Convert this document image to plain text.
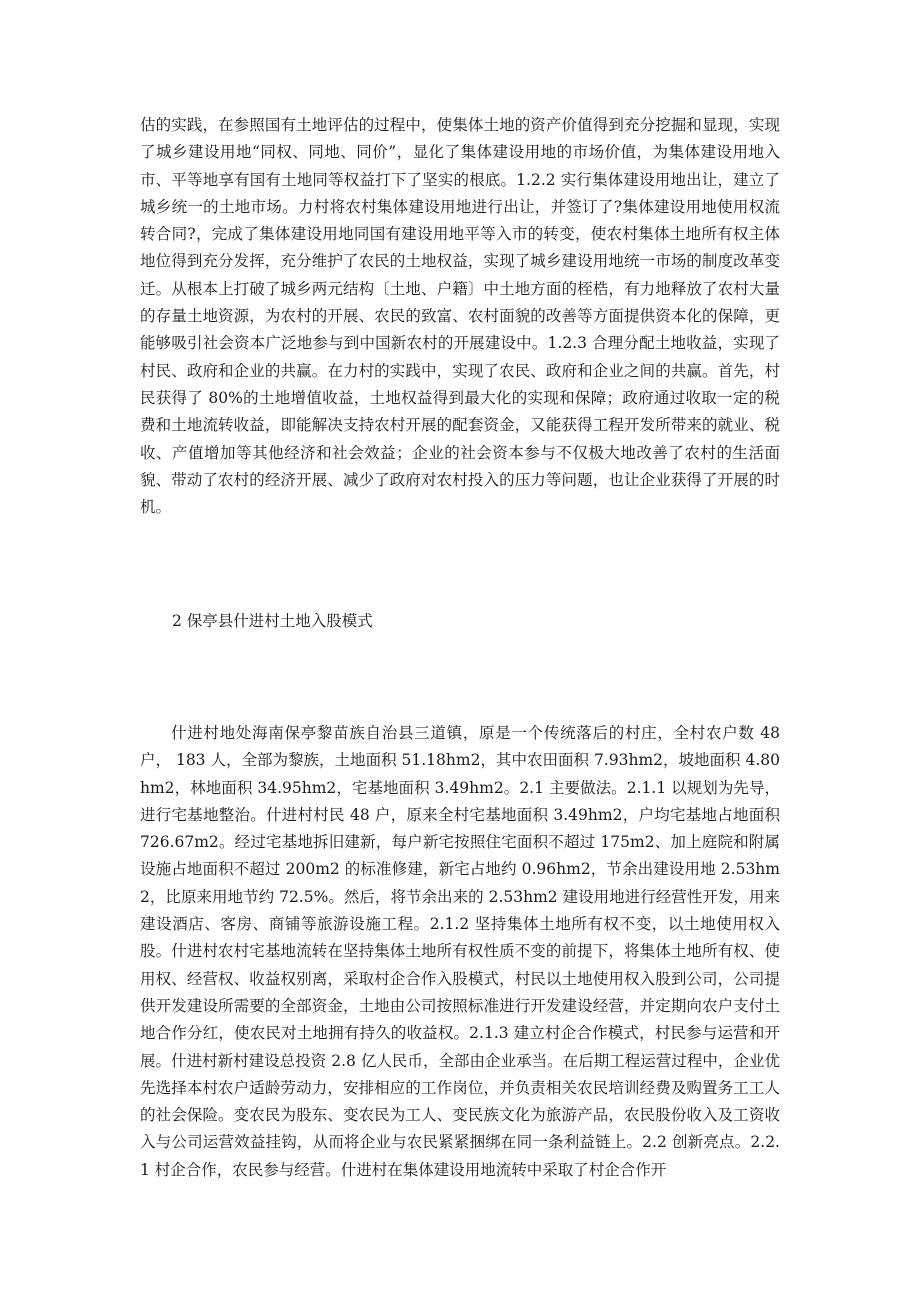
估的实践，在参照国有土地评估的过程中，使集体土地的资产价值得到充分挖掘和显现，实现了城乡建设用地“同权、同地、同价”，显化了集体建设用地的市场价值，为集体建设用地入市、平等地享有国有土地同等权益打下了坚实的根底。1.2.2 实行集体建设用地出让，建立了城乡统一的土地市场。力村将农村集体建设用地进行出让，并签订了?集体建设用地使用权流转合同?，完成了集体建设用地同国有建设用地平等入市的转变，使农村集体土地所有权主体地位得到充分发挥，充分维护了农民的土地权益，实现了城乡建设用地统一市场的制度改革变迁。从根本上打破了城乡两元结构〔土地、户籍〕中土地方面的桎梏，有力地释放了农村大量的存量土地资源，为农村的开展、农民的致富、农村面貌的改善等方面提供资本化的保障，更能够吸引社会资本广泛地参与到中国新农村的开展建设中。1.2.3 合理分配土地收益，实现了村民、政府和企业的共赢。在力村的实践中，实现了农民、政府和企业之间的共赢。首先，村民获得了 80%的土地增值收益，土地权益得到最大化的实现和保障；政府通过收取一定的税费和土地流转收益，即能解决支持农村开展的配套资金，又能获得工程开发所带来的就业、税收、产值增加等其他经济和社会效益；企业的社会资本参与不仅极大地改善了农村的生活面貌、带动了农村的经济开展、减少了政府对农村投入的压力等问题，也让企业获得了开展的时机。

2 保亭县什进村土地入股模式

什进村地处海南保亭黎苗族自治县三道镇，原是一个传统落后的村庄，全村农户数 48 户， 183 人，全部为黎族，土地面积 51.18hm2，其中农田面积 7.93hm2，坡地面积 4.80hm2，林地面积 34.95hm2，宅基地面积 3.49hm2。2.1 主要做法。2.1.1 以规划为先导，进行宅基地整治。什进村村民 48 户，原来全村宅基地面积 3.49hm2，户均宅基地占地面积 726.67m2。经过宅基地拆旧建新，每户新宅按照住宅面积不超过 175m2、加上庭院和附属设施占地面积不超过 200m2 的标准修建，新宅占地约 0.96hm2，节余出建设用地 2.53hm2，比原来用地节约 72.5%。然后，将节余出来的 2.53hm2 建设用地进行经营性开发，用来建设酒店、客房、商铺等旅游设施工程。2.1.2 坚持集体土地所有权不变，以土地使用权入股。什进村农村宅基地流转在坚持集体土地所有权性质不变的前提下，将集体土地所有权、使用权、经营权、收益权别离，采取村企合作入股模式，村民以土地使用权入股到公司，公司提供开发建设所需要的全部资金，土地由公司按照标准进行开发建设经营，并定期向农户支付土地合作分红，使农民对土地拥有持久的收益权。2.1.3 建立村企合作模式，村民参与运营和开展。什进村新村建设总投资 2.8 亿人民币，全部由企业承当。在后期工程运营过程中，企业优先选择本村农户适龄劳动力，安排相应的工作岗位，并负责相关农民培训经费及购置务工工人的社会保险。变农民为股东、变农民为工人、变民族文化为旅游产品，农民股份收入及工资收入与公司运营效益挂钩，从而将企业与农民紧紧捆绑在同一条利益链上。2.2 创新亮点。2.2.1 村企合作，农民参与经营。什进村在集体建设用地流转中采取了村企合作开
